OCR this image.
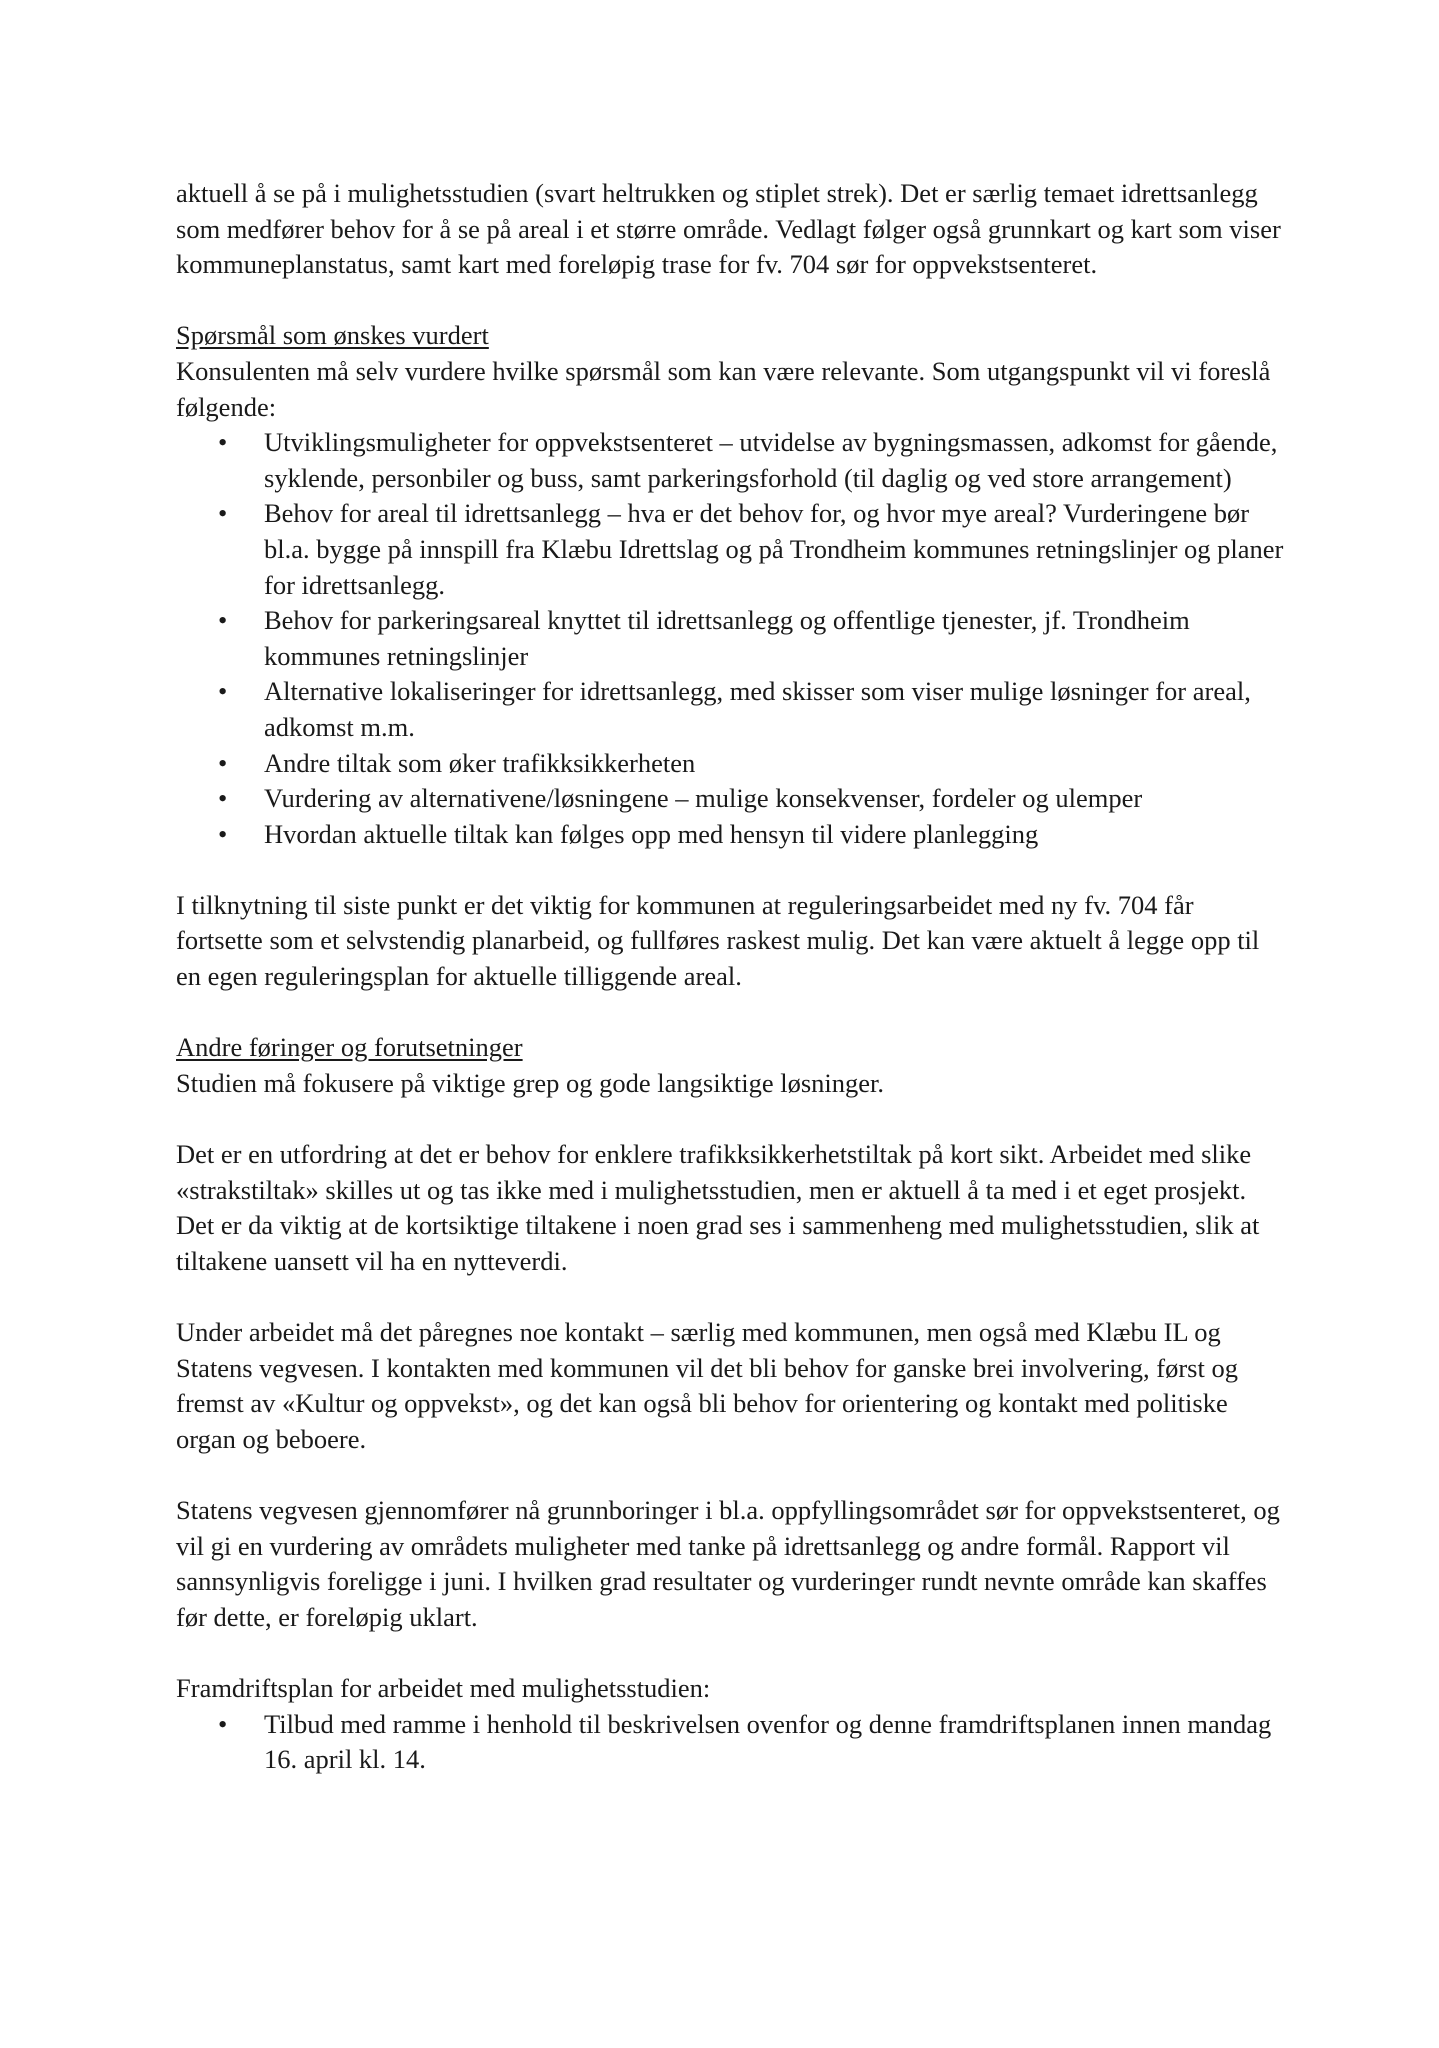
aktuell å se på i mulighetsstudien (svart heltrukken og stiplet strek). Det er særlig temaet idrettsanlegg som medfører behov for å se på areal i et større område. Vedlagt følger også grunnkart og kart som viser kommuneplanstatus, samt kart med foreløpig trase for fv. 704 sør for oppvekstsenteret.

Spørsmål som ønskes vurdert

Konsulenten må selv vurdere hvilke spørsmål som kan være relevante. Som utgangspunkt vil vi foreslå følgende:

• Utviklingsmuligheter for oppvekstsenteret – utvidelse av bygningsmassen, adkomst for gående, syklende, personbiler og buss, samt parkeringsforhold (til daglig og ved store arrangement)
• Behov for areal til idrettsanlegg – hva er det behov for, og hvor mye areal? Vurderingene bør bl.a. bygge på innspill fra Klæbu Idrettslag og på Trondheim kommunes retningslinjer og planer for idrettsanlegg.
• Behov for parkeringsareal knyttet til idrettsanlegg og offentlige tjenester, jf. Trondheim kommunes retningslinjer
• Alternative lokaliseringer for idrettsanlegg, med skisser som viser mulige løsninger for areal, adkomst m.m.
• Andre tiltak som øker trafikksikkerheten
• Vurdering av alternativene/løsningene – mulige konsekvenser, fordeler og ulemper
• Hvordan aktuelle tiltak kan følges opp med hensyn til videre planlegging

I tilknytning til siste punkt er det viktig for kommunen at reguleringsarbeidet med ny fv. 704 får fortsette som et selvstendig planarbeid, og fullføres raskest mulig. Det kan være aktuelt å legge opp til en egen reguleringsplan for aktuelle tilliggende areal.

Andre føringer og forutsetninger

Studien må fokusere på viktige grep og gode langsiktige løsninger.

Det er en utfordring at det er behov for enklere trafikksikkerhetstiltak på kort sikt. Arbeidet med slike «strakstiltak» skilles ut og tas ikke med i mulighetsstudien, men er aktuell å ta med i et eget prosjekt. Det er da viktig at de kortsiktige tiltakene i noen grad ses i sammenheng med mulighetsstudien, slik at tiltakene uansett vil ha en nytteverdi.

Under arbeidet må det påregnes noe kontakt – særlig med kommunen, men også med Klæbu IL og Statens vegvesen. I kontakten med kommunen vil det bli behov for ganske brei involvering, først og fremst av «Kultur og oppvekst», og det kan også bli behov for orientering og kontakt med politiske organ og beboere.

Statens vegvesen gjennomfører nå grunnboringer i bl.a. oppfyllingsområdet sør for oppvekstsenteret, og vil gi en vurdering av områdets muligheter med tanke på idrettsanlegg og andre formål. Rapport vil sannsynligvis foreligge i juni. I hvilken grad resultater og vurderinger rundt nevnte område kan skaffes før dette, er foreløpig uklart.

Framdriftsplan for arbeidet med mulighetsstudien:

• Tilbud med ramme i henhold til beskrivelsen ovenfor og denne framdriftsplanen innen mandag 16. april kl. 14.
